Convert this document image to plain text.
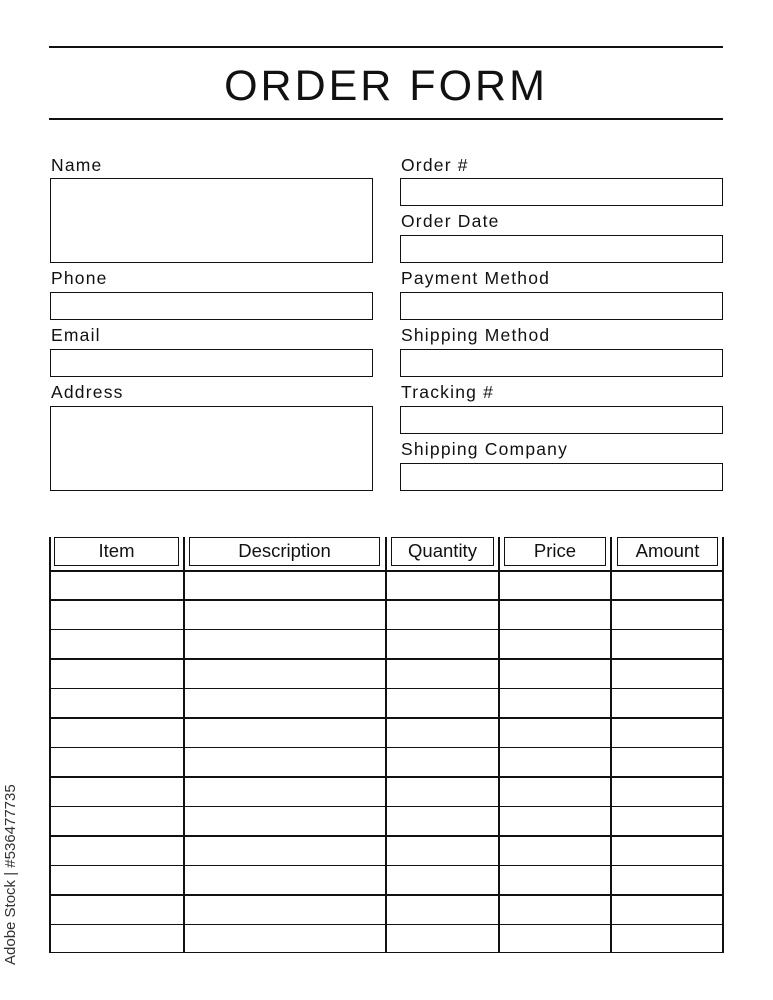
ORDER FORM
Name
Phone
Email
Address
Order #
Order Date
Payment Method
Shipping Method
Tracking #
Shipping Company
Item	Description	Quantity	Price	Amount
Adobe Stock | #536477735
